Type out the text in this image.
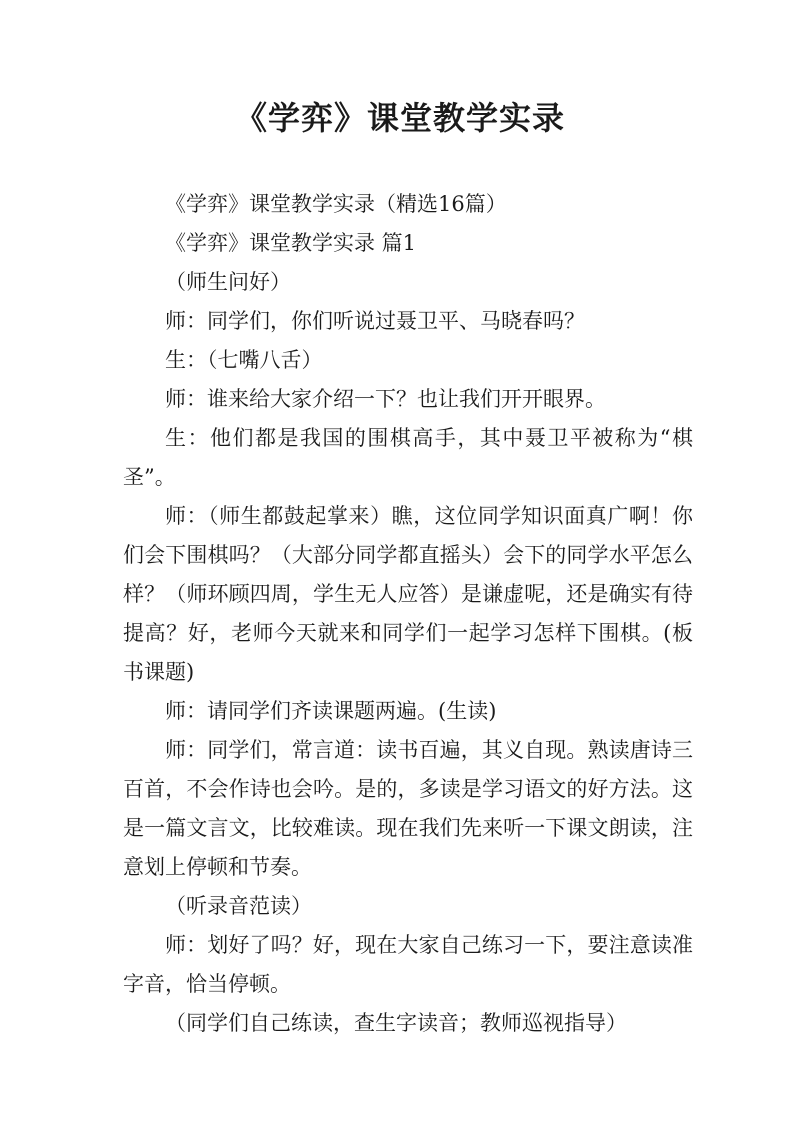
《学弈》课堂教学实录

《学弈》课堂教学实录（精选16篇）

《学弈》课堂教学实录 篇1

（师生问好）

师：同学们，你们听说过聂卫平、马晓春吗？

生：（七嘴八舌）

师：谁来给大家介绍一下？也让我们开开眼界。

生：他们都是我国的围棋高手，其中聂卫平被称为“棋圣”。

师：（师生都鼓起掌来）瞧，这位同学知识面真广啊！你们会下围棋吗？（大部分同学都直摇头）会下的同学水平怎么样？（师环顾四周，学生无人应答）是谦虚呢，还是确实有待提高？好，老师今天就来和同学们一起学习怎样下围棋。(板书课题)

师：请同学们齐读课题两遍。(生读)

师：同学们，常言道：读书百遍，其义自现。熟读唐诗三百首，不会作诗也会吟。是的，多读是学习语文的好方法。这是一篇文言文，比较难读。现在我们先来听一下课文朗读，注意划上停顿和节奏。

（听录音范读）

师：划好了吗？好，现在大家自己练习一下，要注意读准字音，恰当停顿。

（同学们自己练读，查生字读音；教师巡视指导）
